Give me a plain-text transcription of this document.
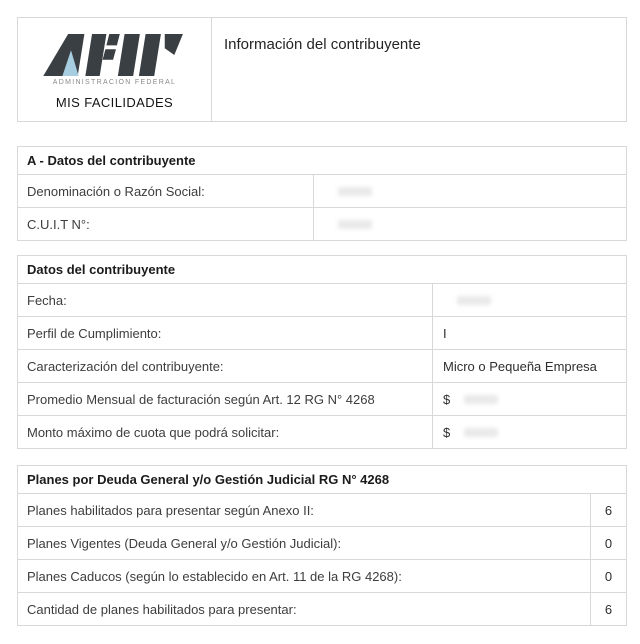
ADMINISTRACION FEDERAL
MIS FACILIDADES
Información del contribuyente
A - Datos del contribuyente
Denominación o Razón Social:
C.U.I.T N°:
Datos del contribuyente
Fecha:
Perfil de Cumplimiento:	I
Caracterización del contribuyente:	Micro o Pequeña Empresa
Promedio Mensual de facturación según Art. 12 RG N° 4268	$
Monto máximo de cuota que podrá solicitar:	$
Planes por Deuda General y/o Gestión Judicial RG N° 4268
Planes habilitados para presentar según Anexo II:	6
Planes Vigentes (Deuda General y/o Gestión Judicial):	0
Planes Caducos (según lo establecido en Art. 11 de la RG 4268):	0
Cantidad de planes habilitados para presentar:	6
